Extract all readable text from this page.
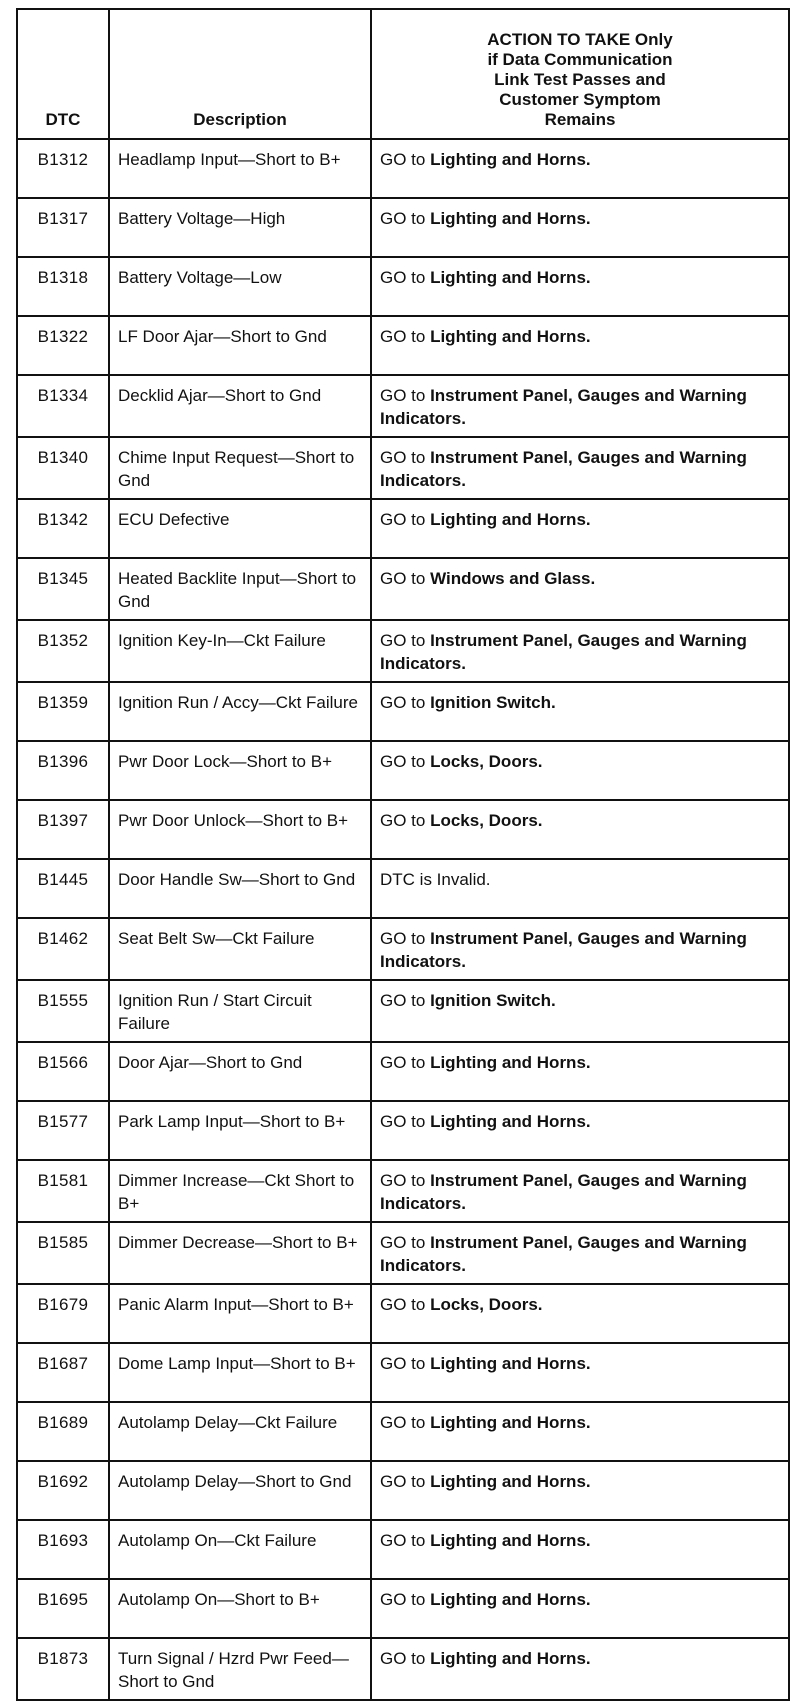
DTC	Description	ACTION TO TAKE Only
if Data Communication
Link Test Passes and
Customer Symptom
Remains

B1312	Headlamp Input—Short to B+	GO to Lighting and Horns.
B1317	Battery Voltage—High	GO to Lighting and Horns.
B1318	Battery Voltage—Low	GO to Lighting and Horns.
B1322	LF Door Ajar—Short to Gnd	GO to Lighting and Horns.
B1334	Decklid Ajar—Short to Gnd	GO to Instrument Panel, Gauges and Warning Indicators.
B1340	Chime Input Request—Short to Gnd	GO to Instrument Panel, Gauges and Warning Indicators.
B1342	ECU Defective	GO to Lighting and Horns.
B1345	Heated Backlite Input—Short to Gnd	GO to Windows and Glass.
B1352	Ignition Key-In—Ckt Failure	GO to Instrument Panel, Gauges and Warning Indicators.
B1359	Ignition Run / Accy—Ckt Failure	GO to Ignition Switch.
B1396	Pwr Door Lock—Short to B+	GO to Locks, Doors.
B1397	Pwr Door Unlock—Short to B+	GO to Locks, Doors.
B1445	Door Handle Sw—Short to Gnd	DTC is Invalid.
B1462	Seat Belt Sw—Ckt Failure	GO to Instrument Panel, Gauges and Warning Indicators.
B1555	Ignition Run / Start Circuit Failure	GO to Ignition Switch.
B1566	Door Ajar—Short to Gnd	GO to Lighting and Horns.
B1577	Park Lamp Input—Short to B+	GO to Lighting and Horns.
B1581	Dimmer Increase—Ckt Short to B+	GO to Instrument Panel, Gauges and Warning Indicators.
B1585	Dimmer Decrease—Short to B+	GO to Instrument Panel, Gauges and Warning Indicators.
B1679	Panic Alarm Input—Short to B+	GO to Locks, Doors.
B1687	Dome Lamp Input—Short to B+	GO to Lighting and Horns.
B1689	Autolamp Delay—Ckt Failure	GO to Lighting and Horns.
B1692	Autolamp Delay—Short to Gnd	GO to Lighting and Horns.
B1693	Autolamp On—Ckt Failure	GO to Lighting and Horns.
B1695	Autolamp On—Short to B+	GO to Lighting and Horns.
B1873	Turn Signal / Hzrd Pwr Feed—Short to Gnd	GO to Lighting and Horns.
